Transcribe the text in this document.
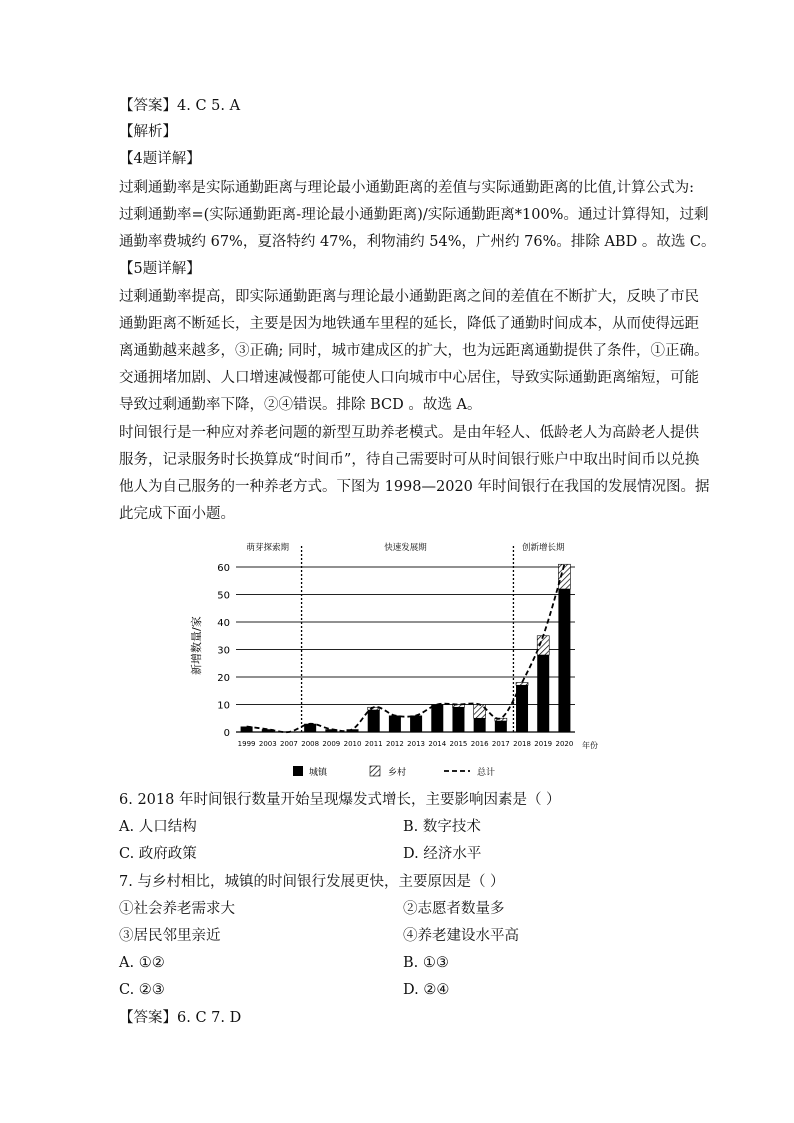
【答案】4. C 5. A
【解析】
【4题详解】
过剩通勤率是实际通勤距离与理论最小通勤距离的差值与实际通勤距离的比值,计算公式为:
过剩通勤率=(实际通勤距离-理论最小通勤距离)/实际通勤距离*100%。通过计算得知，过剩
通勤率费城约 67%，夏洛特约 47%，利物浦约 54%，广州约 76%。排除 ABD 。故选 C。
【5题详解】
过剩通勤率提高，即实际通勤距离与理论最小通勤距离之间的差值在不断扩大，反映了市民
通勤距离不断延长，主要是因为地铁通车里程的延长，降低了通勤时间成本，从而使得远距
离通勤越来越多，③正确; 同时，城市建成区的扩大，也为远距离通勤提供了条件，①正确。
交通拥堵加剧、人口增速减慢都可能使人口向城市中心居住，导致实际通勤距离缩短，可能
导致过剩通勤率下降，②④错误。排除 BCD 。故选 A。
时间银行是一种应对养老问题的新型互助养老模式。是由年轻人、低龄老人为高龄老人提供
服务，记录服务时长换算成“时间币”，待自己需要时可从时间银行账户中取出时间币以兑换
他人为自己服务的一种养老方式。下图为 1998—2020 年时间银行在我国的发展情况图。据
此完成下面小题。
0
10
20
30
40
50
60
萌芽探索期	快速发展期	创新增长期
1999 2003 2007 2008 2009 2010 2011 2012 2013 2014 2015 2016 2017 2018 2019 2020
城镇	乡村	总计
新增数量/家
年份
6. 2018 年时间银行数量开始呈现爆发式增长，主要影响因素是（ ）
A. 人口结构	B. 数字技术
C. 政府政策	D. 经济水平
7. 与乡村相比，城镇的时间银行发展更快，主要原因是（ ）
①社会养老需求大	②志愿者数量多
③居民邻里亲近	④养老建设水平高
A. ①②	B. ①③
C. ②③	D. ②④
【答案】6. C 7. D
